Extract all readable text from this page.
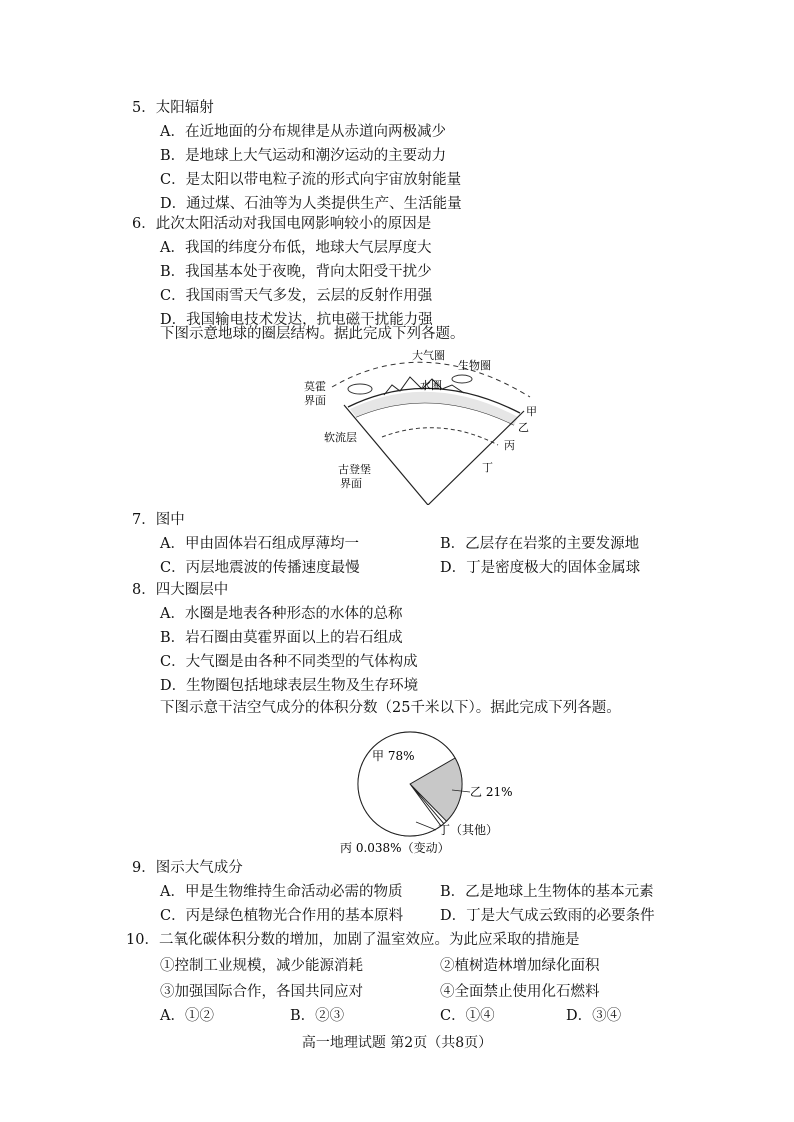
5．太阳辐射
A．在近地面的分布规律是从赤道向两极减少
B．是地球上大气运动和潮汐运动的主要动力
C．是太阳以带电粒子流的形式向宇宙放射能量
D．通过煤、石油等为人类提供生产、生活能量
6．此次太阳活动对我国电网影响较小的原因是
A．我国的纬度分布低，地球大气层厚度大
B．我国基本处于夜晚，背向太阳受干扰少
C．我国雨雪天气多发，云层的反射作用强
D．我国输电技术发达，抗电磁干扰能力强
下图示意地球的圈层结构。据此完成下列各题。
大气圈
生物圈
水圈
莫霍
界面
软流层
古登堡
界面
甲
乙
丙
丁
7．图中
A．甲由固体岩石组成厚薄均一	B．乙层存在岩浆的主要发源地
C．丙层地震波的传播速度最慢	D．丁是密度极大的固体金属球
8．四大圈层中
A．水圈是地表各种形态的水体的总称
B．岩石圈由莫霍界面以上的岩石组成
C．大气圈是由各种不同类型的气体构成
D．生物圈包括地球表层生物及生存环境
下图示意干洁空气成分的体积分数（25千米以下）。据此完成下列各题。
甲 78%
乙 21%
丁（其他）
丙 0.038%（变动）
9．图示大气成分
A．甲是生物维持生命活动必需的物质	B．乙是地球上生物体的基本元素
C．丙是绿色植物光合作用的基本原料	D．丁是大气成云致雨的必要条件
10．二氧化碳体积分数的增加，加剧了温室效应。为此应采取的措施是
①控制工业规模，减少能源消耗	②植树造林增加绿化面积
③加强国际合作，各国共同应对	④全面禁止使用化石燃料
A．①②	B．②③	C．①④	D．③④
高一地理试题 第2页（共8页）
